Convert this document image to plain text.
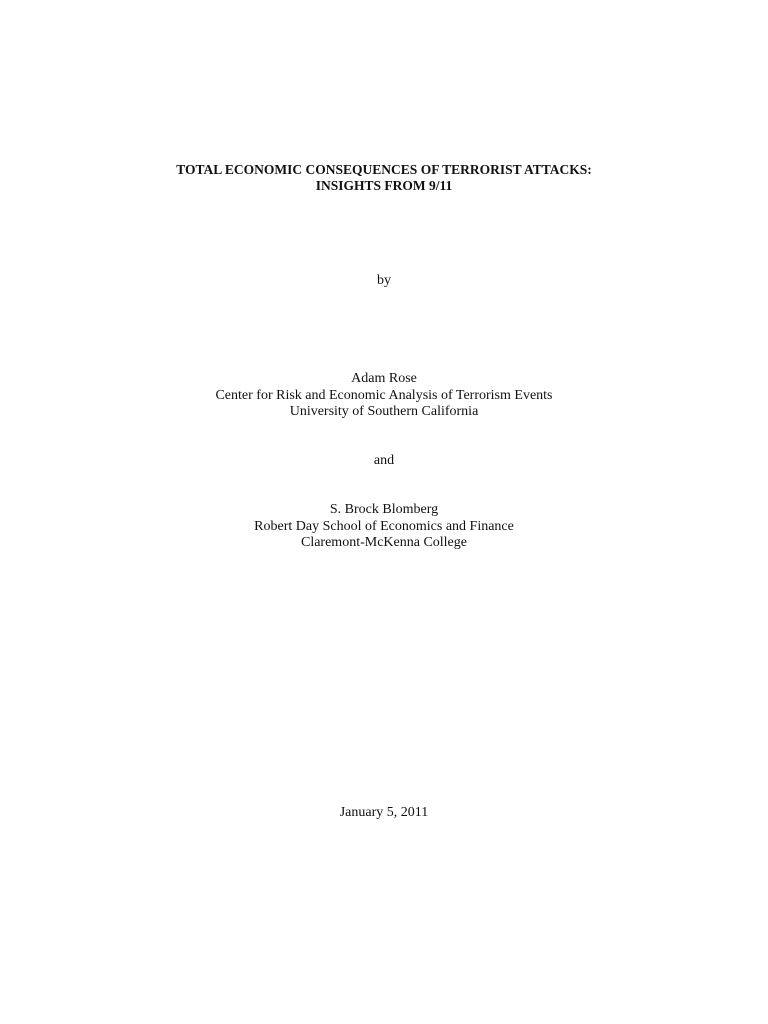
TOTAL ECONOMIC CONSEQUENCES OF TERRORIST ATTACKS:
INSIGHTS FROM 9/11
by
Adam Rose
Center for Risk and Economic Analysis of Terrorism Events
University of Southern California
and
S. Brock Blomberg
Robert Day School of Economics and Finance
Claremont-McKenna College
January 5, 2011
